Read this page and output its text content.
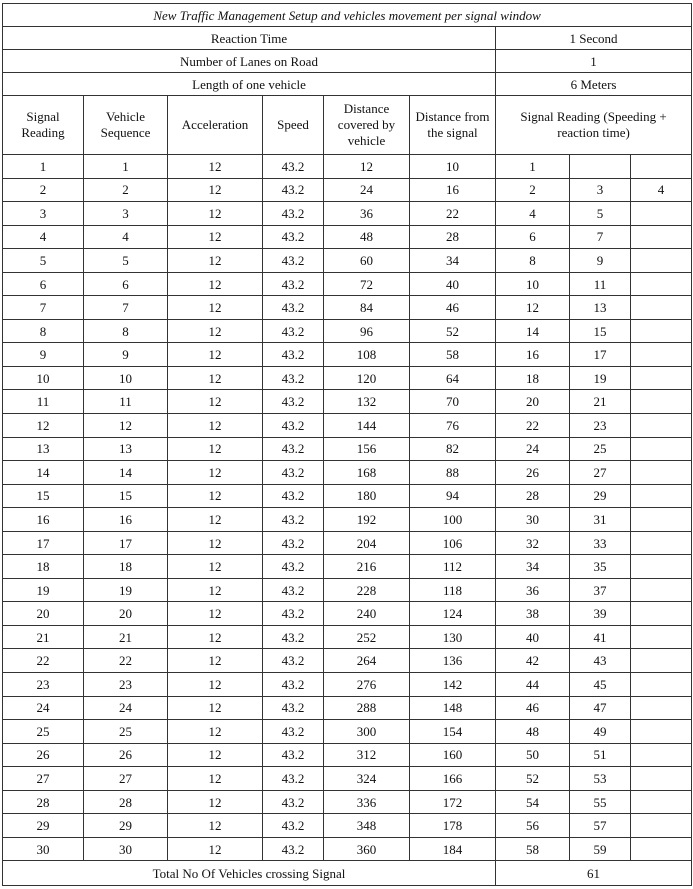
New Traffic Management Setup and vehicles movement per signal window								
Reaction Time						1 Second		
Number of Lanes on Road						1		
Length of one vehicle						6 Meters		
Signal Reading	Vehicle Sequence	Acceleration	Speed	Distance covered by vehicle	Distance from the signal	Signal Reading (Speeding + reaction time)		
1	1	12	43.2	12	10	1		
2	2	12	43.2	24	16	2	3	4
3	3	12	43.2	36	22	4	5	
4	4	12	43.2	48	28	6	7	
5	5	12	43.2	60	34	8	9	
6	6	12	43.2	72	40	10	11	
7	7	12	43.2	84	46	12	13	
8	8	12	43.2	96	52	14	15	
9	9	12	43.2	108	58	16	17	
10	10	12	43.2	120	64	18	19	
11	11	12	43.2	132	70	20	21	
12	12	12	43.2	144	76	22	23	
13	13	12	43.2	156	82	24	25	
14	14	12	43.2	168	88	26	27	
15	15	12	43.2	180	94	28	29	
16	16	12	43.2	192	100	30	31	
17	17	12	43.2	204	106	32	33	
18	18	12	43.2	216	112	34	35	
19	19	12	43.2	228	118	36	37	
20	20	12	43.2	240	124	38	39	
21	21	12	43.2	252	130	40	41	
22	22	12	43.2	264	136	42	43	
23	23	12	43.2	276	142	44	45	
24	24	12	43.2	288	148	46	47	
25	25	12	43.2	300	154	48	49	
26	26	12	43.2	312	160	50	51	
27	27	12	43.2	324	166	52	53	
28	28	12	43.2	336	172	54	55	
29	29	12	43.2	348	178	56	57	
30	30	12	43.2	360	184	58	59	
Total No Of Vehicles crossing Signal						61		
